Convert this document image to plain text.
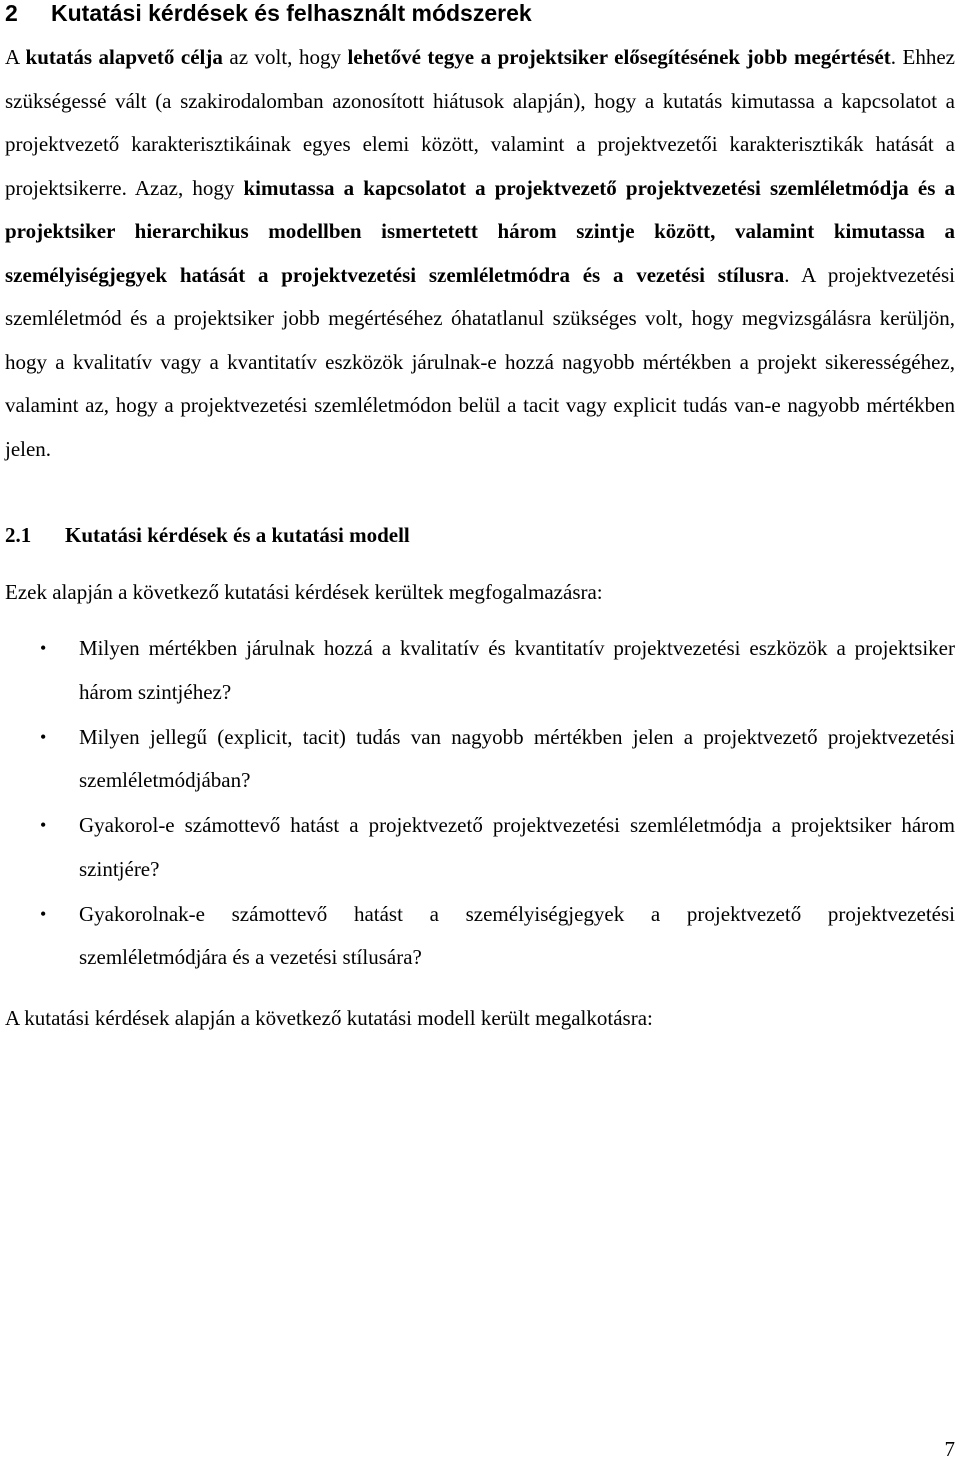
2 Kutatási kérdések és felhasznált módszerek

A kutatás alapvető célja az volt, hogy lehetővé tegye a projektsiker elősegítésének jobb megértését. Ehhez szükségessé vált (a szakirodalomban azonosított hiátusok alapján), hogy a kutatás kimutassa a kapcsolatot a projektvezető karakterisztikáinak egyes elemi között, valamint a projektvezetői karakterisztikák hatását a projektsikerre. Azaz, hogy kimutassa a kapcsolatot a projektvezető projektvezetési szemléletmódja és a projektsiker hierarchikus modellben ismertetett három szintje között, valamint kimutassa a személyiségjegyek hatását a projektvezetési szemléletmódra és a vezetési stílusra. A projektvezetési szemléletmód és a projektsiker jobb megértéséhez óhatatlanul szükséges volt, hogy megvizsgálásra kerüljön, hogy a kvalitatív vagy a kvantitatív eszközök járulnak-e hozzá nagyobb mértékben a projekt sikerességéhez, valamint az, hogy a projektvezetési szemléletmódon belül a tacit vagy explicit tudás van-e nagyobb mértékben jelen.

2.1 Kutatási kérdések és a kutatási modell
Ezek alapján a következő kutatási kérdések kerültek megfogalmazásra:
• Milyen mértékben járulnak hozzá a kvalitatív és kvantitatív projektvezetési eszközök a projektsiker három szintjéhez?
• Milyen jellegű (explicit, tacit) tudás van nagyobb mértékben jelen a projektvezető projektvezetési szemléletmódjában?
• Gyakorol-e számottevő hatást a projektvezető projektvezetési szemléletmódja a projektsiker három szintjére?
• Gyakorolnak-e számottevő hatást a személyiségjegyek a projektvezető projektvezetési szemléletmódjára és a vezetési stílusára?
A kutatási kérdések alapján a következő kutatási modell került megalkotásra:
7
